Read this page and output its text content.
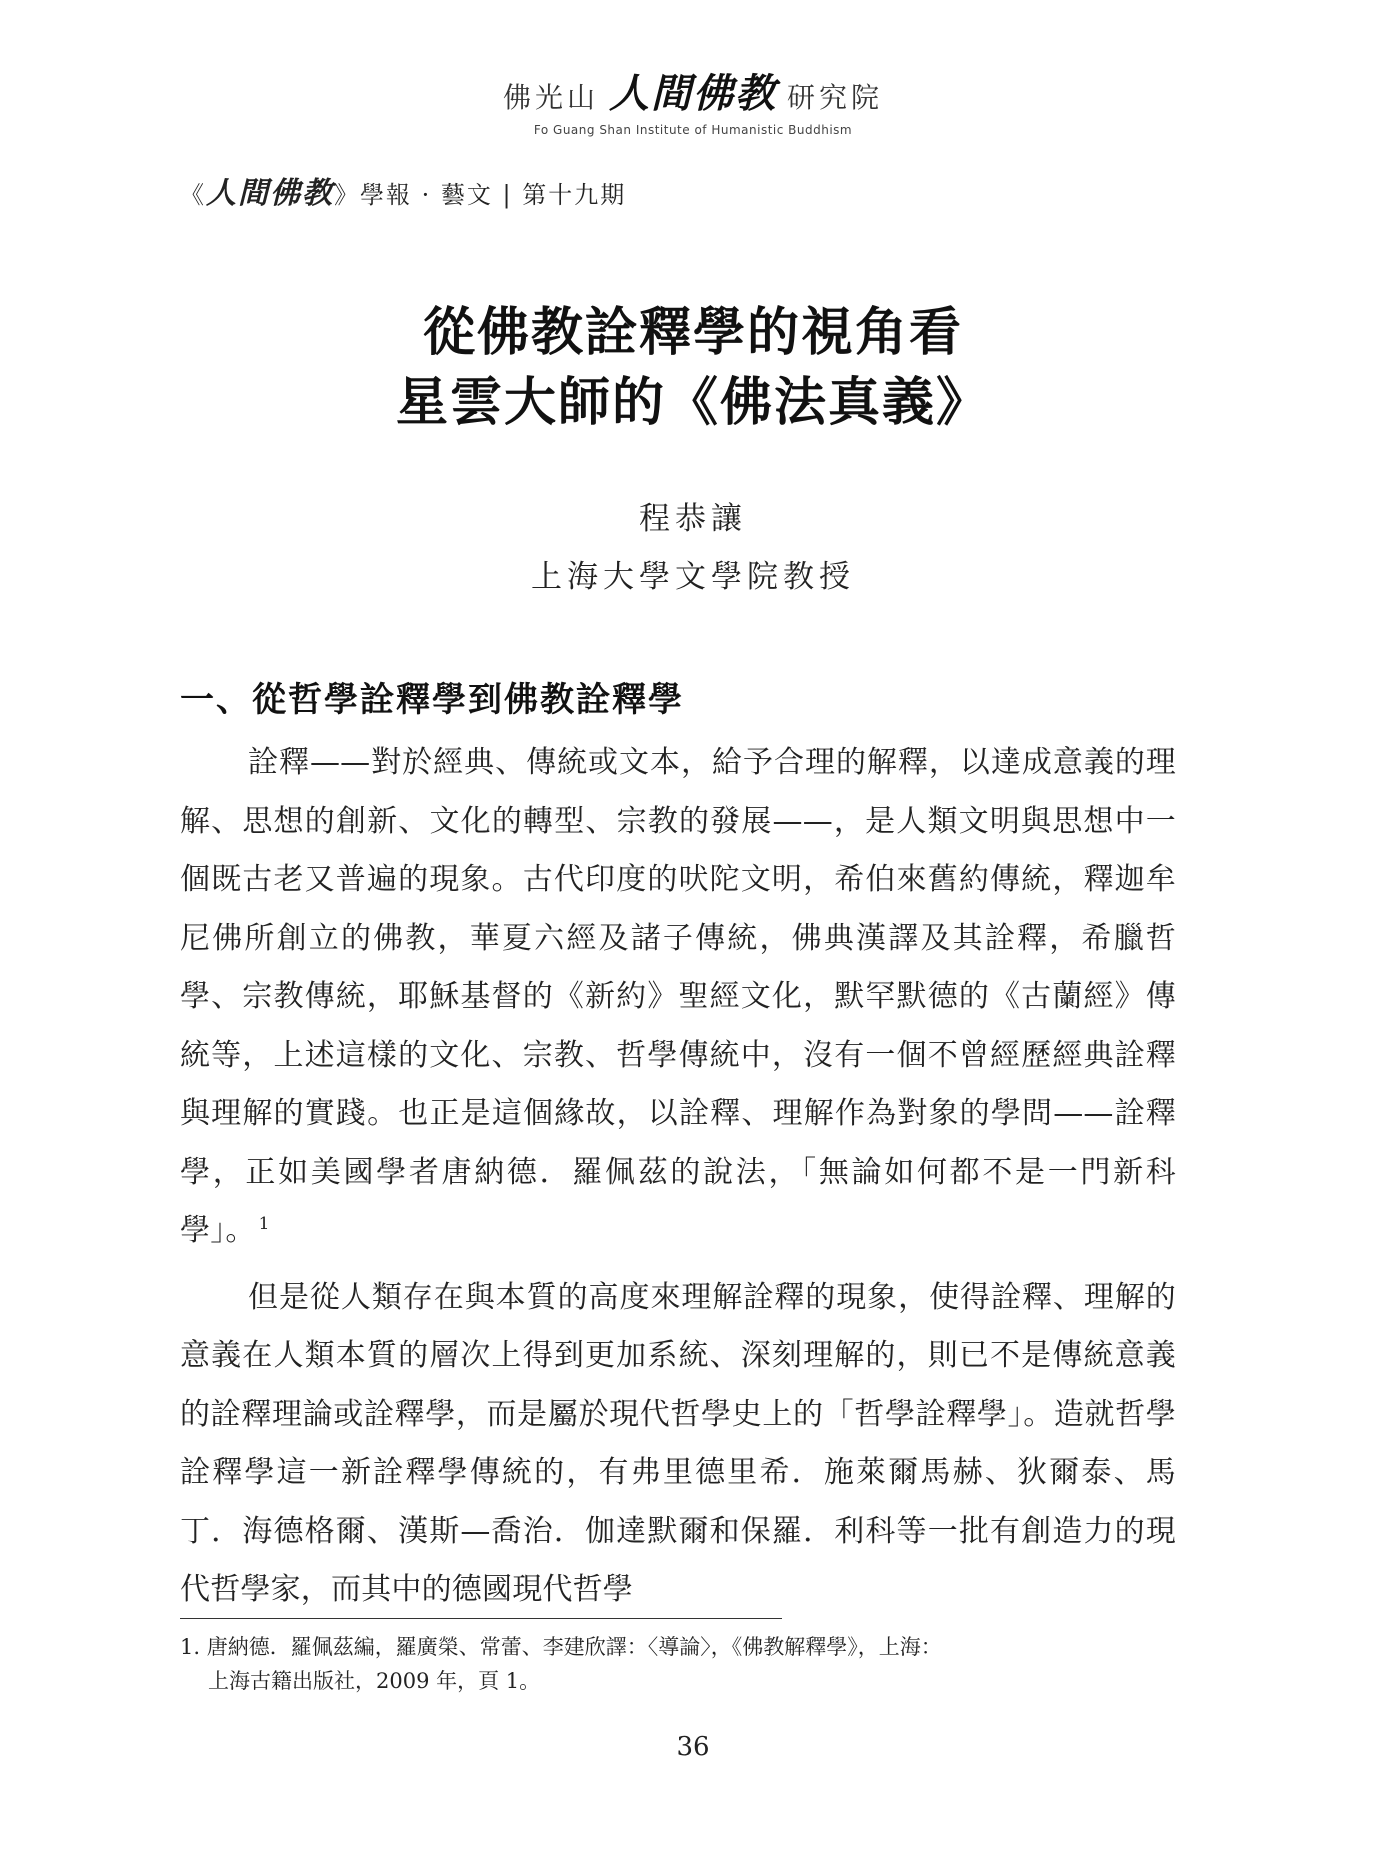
佛光山 人間佛教 研究院
Fo Guang Shan Institute of Humanistic Buddhism
《人間佛教》學報 · 藝文 | 第十九期
從佛教詮釋學的視角看
星雲大師的《佛法真義》
程恭讓
上海大學文學院教授
一、從哲學詮釋學到佛教詮釋學

詮釋——對於經典、傳統或文本，給予合理的解釋，以達成意義的理解、思想的創新、文化的轉型、宗教的發展——，是人類文明與思想中一個既古老又普遍的現象。古代印度的吠陀文明，希伯來舊約傳統，釋迦牟尼佛所創立的佛教，華夏六經及諸子傳統，佛典漢譯及其詮釋，希臘哲學、宗教傳統，耶穌基督的《新約》聖經文化，默罕默德的《古蘭經》傳統等，上述這樣的文化、宗教、哲學傳統中，沒有一個不曾經歷經典詮釋與理解的實踐。也正是這個緣故，以詮釋、理解作為對象的學問——詮釋學，正如美國學者唐納德．羅佩茲的說法，「無論如何都不是一門新科學」。 $^1$

但是從人類存在與本質的高度來理解詮釋的現象，使得詮釋、理解的意義在人類本質的層次上得到更加系統、深刻理解的，則已不是傳統意義的詮釋理論或詮釋學，而是屬於現代哲學史上的「哲學詮釋學」。造就哲學詮釋學這一新詮釋學傳統的，有弗里德里希．施萊爾馬赫、狄爾泰、馬丁．海德格爾、漢斯—喬治．伽達默爾和保羅．利科等一批有創造力的現代哲學家，而其中的德國現代哲學

1. 唐納德．羅佩茲編，羅廣榮、常蕾、李建欣譯：〈導論〉，《佛教解釋學》，上海：
上海古籍出版社，2009 年，頁 1。
36
